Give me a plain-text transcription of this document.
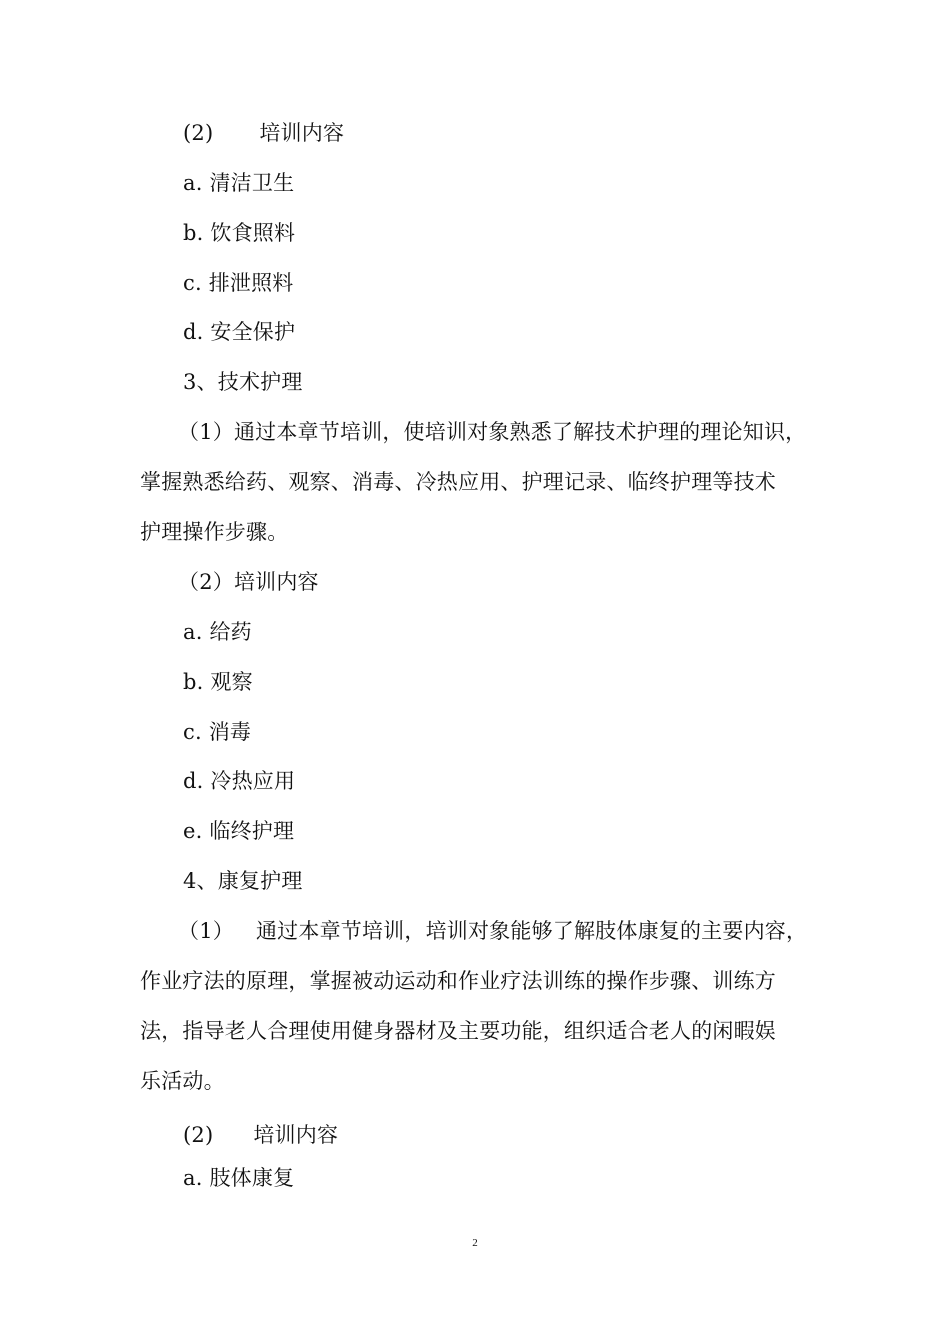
(2) 培训内容
a. 清洁卫生
b. 饮食照料
c. 排泄照料
d. 安全保护
3、技术护理
（1）通过本章节培训，使培训对象熟悉了解技术护理的理论知识，
掌握熟悉给药、观察、消毒、冷热应用、护理记录、临终护理等技术
护理操作步骤。
（2）培训内容
a. 给药
b. 观察
c. 消毒
d. 冷热应用
e. 临终护理
4、康复护理
（1） 通过本章节培训，培训对象能够了解肢体康复的主要内容，
作业疗法的原理，掌握被动运动和作业疗法训练的操作步骤、训练方
法，指导老人合理使用健身器材及主要功能，组织适合老人的闲暇娱
乐活动。
(2) 培训内容
a. 肢体康复
2
